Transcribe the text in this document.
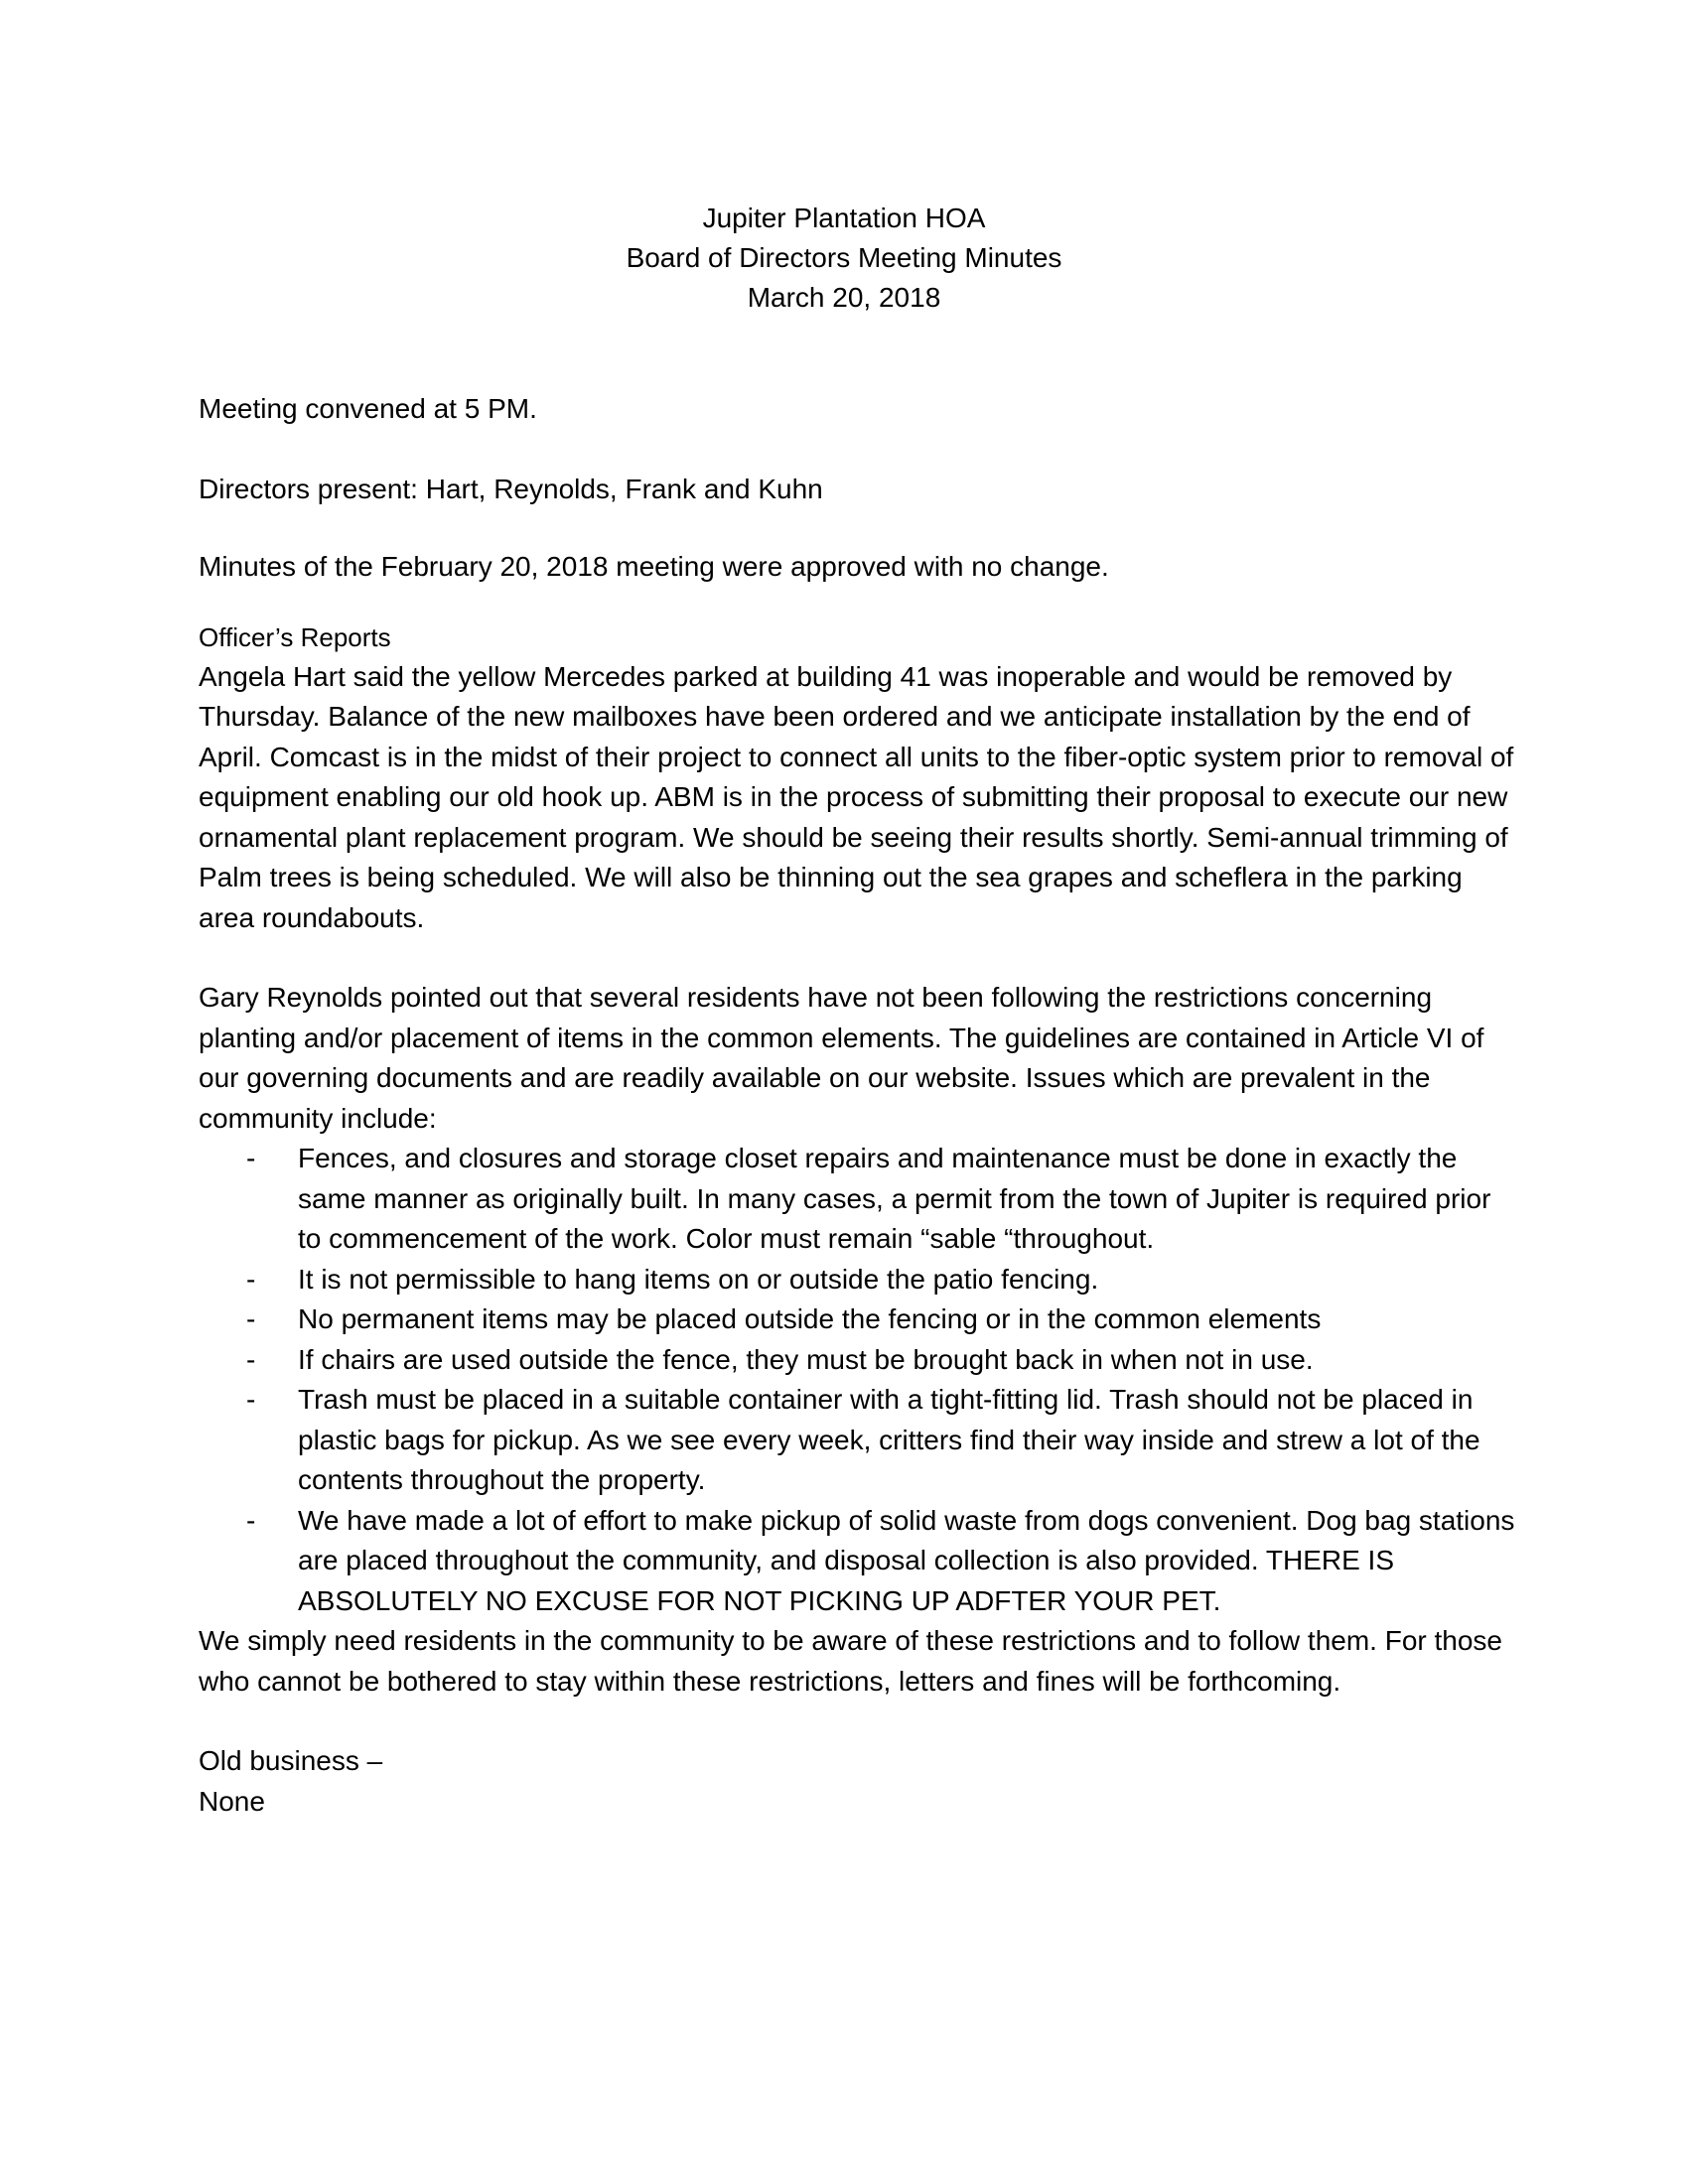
Jupiter Plantation HOA
Board of Directors Meeting Minutes
March 20, 2018

Meeting convened at 5 PM.

Directors present: Hart, Reynolds, Frank and Kuhn

Minutes of the February 20, 2018 meeting were approved with no change.

Officer’s Reports

Angela Hart said the yellow Mercedes parked at building 41 was inoperable and would be removed by Thursday. Balance of the new mailboxes have been ordered and we anticipate installation by the end of April. Comcast is in the midst of their project to connect all units to the fiber-optic system prior to removal of equipment enabling our old hook up. ABM is in the process of submitting their proposal to execute our new ornamental plant replacement program. We should be seeing their results shortly. Semi-annual trimming of Palm trees is being scheduled. We will also be thinning out the sea grapes and scheflera in the parking area roundabouts.

Gary Reynolds pointed out that several residents have not been following the restrictions concerning planting and/or placement of items in the common elements. The guidelines are contained in Article VI of our governing documents and are readily available on our website. Issues which are prevalent in the community include:

- Fences, and closures and storage closet repairs and maintenance must be done in exactly the same manner as originally built. In many cases, a permit from the town of Jupiter is required prior to commencement of the work. Color must remain “sable “throughout.
- It is not permissible to hang items on or outside the patio fencing.
- No permanent items may be placed outside the fencing or in the common elements
- If chairs are used outside the fence, they must be brought back in when not in use.
- Trash must be placed in a suitable container with a tight-fitting lid. Trash should not be placed in plastic bags for pickup. As we see every week, critters find their way inside and strew a lot of the contents throughout the property.
- We have made a lot of effort to make pickup of solid waste from dogs convenient. Dog bag stations are placed throughout the community, and disposal collection is also provided. THERE IS ABSOLUTELY NO EXCUSE FOR NOT PICKING UP ADFTER YOUR PET.

We simply need residents in the community to be aware of these restrictions and to follow them. For those who cannot be bothered to stay within these restrictions, letters and fines will be forthcoming.

Old business –
None
